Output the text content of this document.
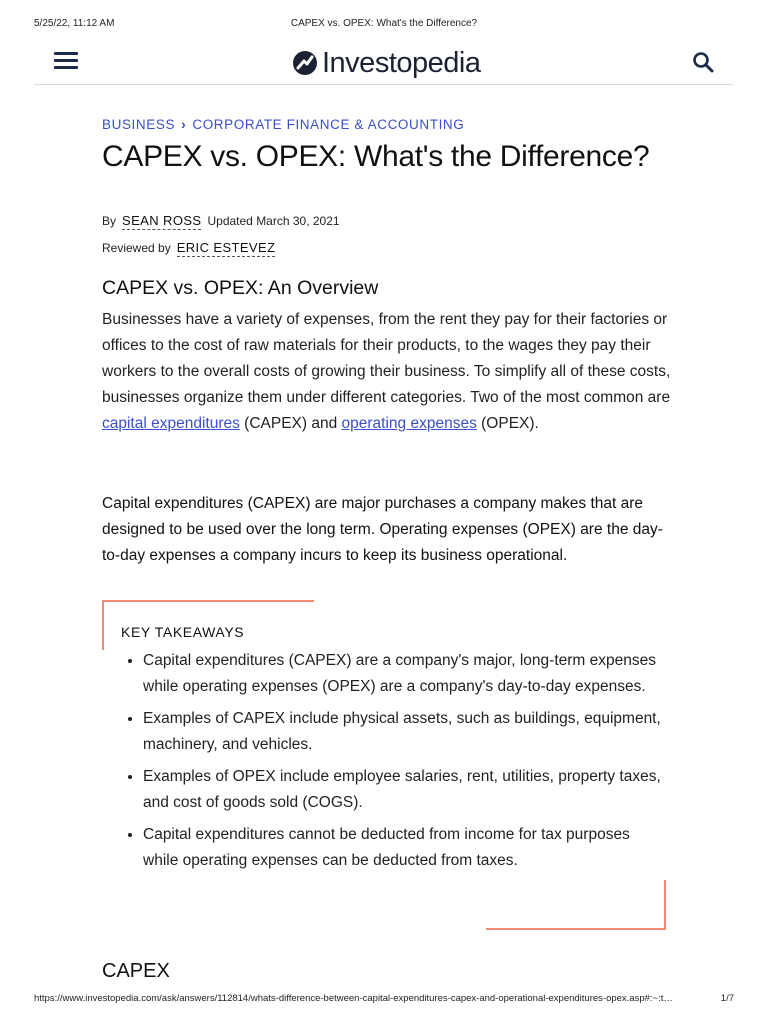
5/25/22, 11:12 AM	CAPEX vs. OPEX: What's the Difference?
Investopedia
BUSINESS › CORPORATE FINANCE & ACCOUNTING
CAPEX vs. OPEX: What's the Difference?
By SEAN ROSS Updated March 30, 2021
Reviewed by ERIC ESTEVEZ
CAPEX vs. OPEX: An Overview

Businesses have a variety of expenses, from the rent they pay for their factories or offices to the cost of raw materials for their products, to the wages they pay their workers to the overall costs of growing their business. To simplify all of these costs, businesses organize them under different categories. Two of the most common are capital expenditures (CAPEX) and operating expenses (OPEX).

Capital expenditures (CAPEX) are major purchases a company makes that are designed to be used over the long term. Operating expenses (OPEX) are the day-to-day expenses a company incurs to keep its business operational.

KEY TAKEAWAYS
• Capital expenditures (CAPEX) are a company's major, long-term expenses while operating expenses (OPEX) are a company's day-to-day expenses.
• Examples of CAPEX include physical assets, such as buildings, equipment, machinery, and vehicles.
• Examples of OPEX include employee salaries, rent, utilities, property taxes, and cost of goods sold (COGS).
• Capital expenditures cannot be deducted from income for tax purposes while operating expenses can be deducted from taxes.
CAPEX
https://www.investopedia.com/ask/answers/112814/whats-difference-between-capital-expenditures-capex-and-operational-expenditures-opex.asp#:~:t…	1/7
